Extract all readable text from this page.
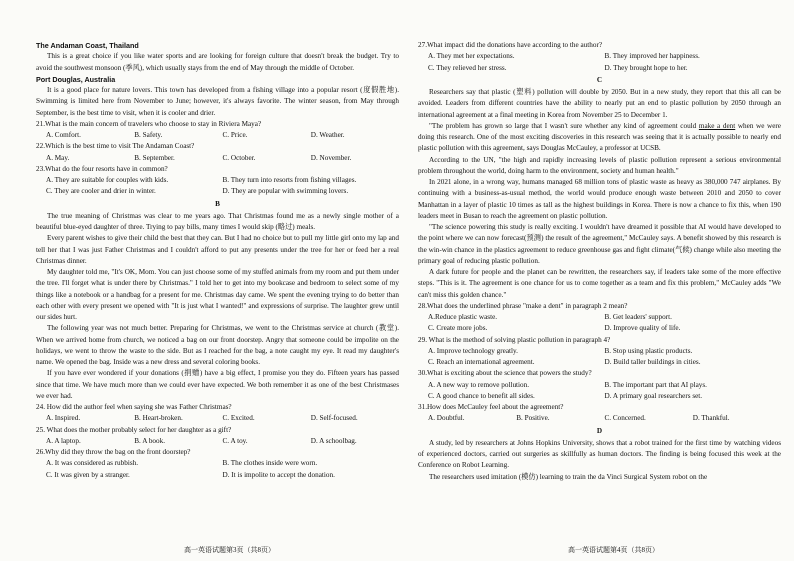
The Andaman Coast, Thailand

This is a great choice if you like water sports and are looking for foreign culture that doesn't break the budget. Try to avoid the southwest monsoon (季风), which usually stays from the end of May through the middle of October.

Port Douglas, Australia

It is a good place for nature lovers. This town has developed from a fishing village into a popular resort (度假胜地). Swimming is limited here from November to June; however, it's always favorite. The winter season, from May through September, is the best time to visit, when it is cooler and drier.

21.What is the main concern of travelers who choose to stay in Riviera Maya?
A. Comfort.	B. Safety.	C. Price.	D. Weather.
22.Which is the best time to visit The Andaman Coast?
A. May.	B. September.	C. October.	D. November.
23.What do the four resorts have in common?
A. They are suitable for couples with kids.	B. They turn into resorts from fishing villages.
C. They are cooler and drier in winter.	D. They are popular with swimming lovers.
B

The true meaning of Christmas was clear to me years ago. That Christmas found me as a newly single mother of a beautiful blue-eyed daughter of three. Trying to pay bills, many times I would skip (略过) meals.

Every parent wishes to give their child the best that they can. But I had no choice but to pull my little girl onto my lap and tell her that I was just Father Christmas and I couldn't afford to put any presents under the tree for her or feed her a real Christmas dinner.

My daughter told me, "It's OK, Mom. You can just choose some of my stuffed animals from my room and put them under the tree. I'll forget what is under there by Christmas." I told her to get into my bookcase and bedroom to select some of my things like a notebook or a handbag for a present for me. Christmas day came. We spent the evening trying to do better than each other with every present we opened with "It is just what I wanted!" and expressions of surprise. The laughter grew until our sides hurt.

The following year was not much better. Preparing for Christmas, we went to the Christmas service at church (教堂). When we arrived home from church, we noticed a bag on our front doorstep. Angry that someone could be impolite on the holidays, we went to throw the waste to the side. But as I reached for the bag, a note caught my eye. It read my daughter's name. We opened the bag. Inside was a new dress and several coloring books.

If you have ever wondered if your donations (捐赠) have a big effect, I promise you they do. Fifteen years has passed since that time. We have much more than we could ever have expected. We both remember it as one of the best Christmases we ever had.

24. How did the author feel when saying she was Father Christmas?
A. Inspired.	B. Heart-broken.	C. Excited.	D. Self-focused.
25. What does the mother probably select for her daughter as a gift?
A. A laptop.	B. A book.	C. A toy.	D. A schoolbag.
26.Why did they throw the bag on the front doorstep?
A. It was considered as rubbish.	B. The clothes inside were worn.
C. It was given by a stranger.	D. It is impolite to accept the donation.
27.What impact did the donations have according to the author?
A. They met her expectations.	B. They improved her happiness.
C. They relieved her stress.	D. They brought hope to her.
C

Researchers say that plastic (塑料) pollution will double by 2050. But in a new study, they report that this all can be avoided. Leaders from different countries have the ability to nearly put an end to plastic pollution by 2050 through an international agreement at a final meeting in Korea from November 25 to December 1.

"The problem has grown so large that I wasn't sure whether any kind of agreement could make a dent when we were doing this research. One of the most exciting discoveries in this research was seeing that it is actually possible to nearly end plastic pollution with this agreement, says Douglas McCauley, a professor at UCSB.

According to the UN, "the high and rapidly increasing levels of plastic pollution represent a serious environmental problem throughout the world, doing harm to the environment, society and human health."

In 2021 alone, in a wrong way, humans managed 68 million tons of plastic waste as heavy as 380,000 747 airplanes. By continuing with a business-as-usual method, the world would produce enough waste between 2010 and 2050 to cover Manhattan in a layer of plastic 10 times as tall as the highest buildings in Korea. There is now a chance to fix this, when 190 leaders meet in Busan to reach the agreement on plastic pollution.

"The science powering this study is really exciting. I wouldn't have dreamed it possible that AI would have developed to the point where we can now forecast(预测) the result of the agreement," McCauley says. A benefit showed by this research is the win-win chance in the plastics agreement to reduce greenhouse gas and fight climate(气候) change while also meeting the primary goal of reducing plastic pollution.

A dark future for people and the planet can be rewritten, the researchers say, if leaders take some of the more effective steps. "This is it. The agreement is one chance for us to come together as a team and fix this problem," McCauley adds "We can't miss this golden chance."

28.What does the underlined phrase "make a dent" in paragraph 2 mean?
A.Reduce plastic waste.	B. Get leaders' support.
C. Create more jobs.	D. Improve quality of life.
29. What is the method of solving plastic pollution in paragraph 4?
A. Improve technology greatly.	B. Stop using plastic products.
C. Reach an international agreement.	D. Build taller buildings in cities.
30.What is exciting about the science that powers the study?
A. A new way to remove pollution.	B. The important part that AI plays.
C. A good chance to benefit all sides.	D. A primary goal researchers set.
31.How does McCauley feel about the agreement?
A. Doubtful.	B. Positive.	C. Concerned.	D. Thankful.
D

A study, led by researchers at Johns Hopkins University, shows that a robot trained for the first time by watching videos of experienced doctors, carried out surgeries as skillfully as human doctors. The finding is being focused this week at the Conference on Robot Learning.

The researchers used imitation (模仿) learning to train the da Vinci Surgical System robot on the

高一英语试题第3页（共8页）	高一英语试题第4页（共8页）
